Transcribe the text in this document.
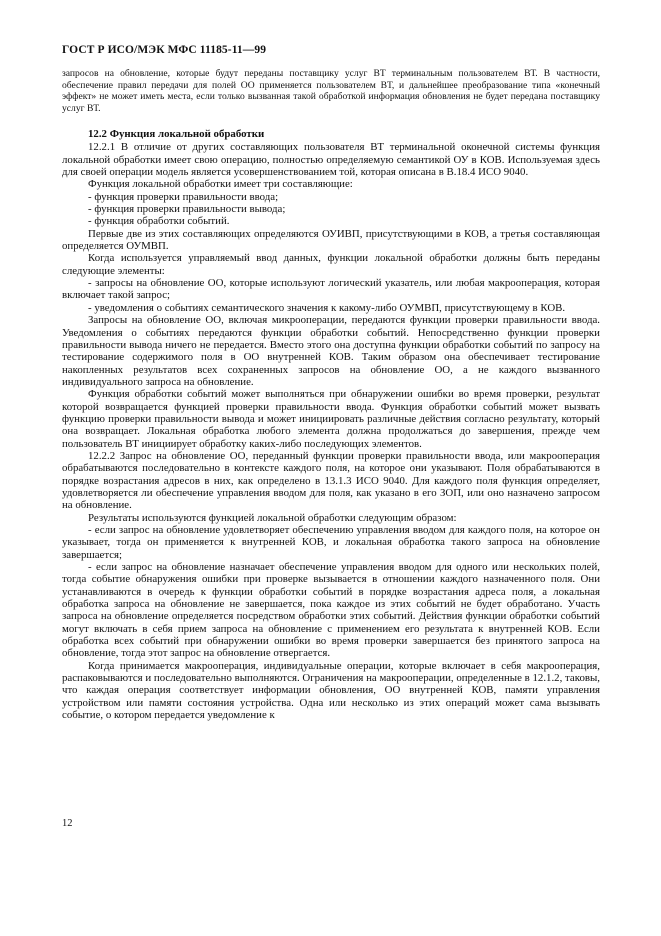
ГОСТ Р ИСО/МЭК МФС 11185-11—99
запросов на обновление, которые будут переданы поставщику услуг ВТ терминальным пользователем ВТ. В частности, обеспечение правил передачи для полей ОО применяется пользователем ВТ, и дальнейшее преобразование типа «конечный эффект» не может иметь места, если только вызванная такой обработкой информация обновления не будет передана поставщику услуг ВТ.

12.2 Функция локальной обработки

12.2.1 В отличие от других составляющих пользователя ВТ терминальной оконечной системы функция локальной обработки имеет свою операцию, полностью определяемую семантикой ОУ в КОВ. Используемая здесь для своей операции модель является усовершенствованием той, которая описана в В.18.4 ИСО 9040.

Функция локальной обработки имеет три составляющие:

- функция проверки правильности ввода;

- функция проверки правильности вывода;

- функция обработки событий.

Первые две из этих составляющих определяются ОУИВП, присутствующими в КОВ, а третья составляющая определяется ОУМВП.

Когда используется управляемый ввод данных, функции локальной обработки должны быть переданы следующие элементы:

- запросы на обновление ОО, которые используют логический указатель, или любая макрооперация, которая включает такой запрос;

- уведомления о событиях семантического значения к какому-либо ОУМВП, присутствующему в КОВ.

Запросы на обновление ОО, включая микрооперации, передаются функции проверки правильности ввода. Уведомления о событиях передаются функции обработки событий. Непосредственно функции проверки правильности вывода ничего не передается. Вместо этого она доступна функции обработки событий по запросу на тестирование содержимого поля в ОО внутренней КОВ. Таким образом она обеспечивает тестирование накопленных результатов всех сохраненных запросов на обновление ОО, а не каждого вызванного индивидуального запроса на обновление.

Функция обработки событий может выполняться при обнаружении ошибки во время проверки, результат которой возвращается функцией проверки правильности ввода. Функция обработки событий может вызвать функцию проверки правильности вывода и может инициировать различные действия согласно результату, который она возвращает. Локальная обработка любого элемента должна продолжаться до завершения, прежде чем пользователь ВТ инициирует обработку каких-либо последующих элементов.

12.2.2 Запрос на обновление ОО, переданный функции проверки правильности ввода, или макрооперация обрабатываются последовательно в контексте каждого поля, на которое они указывают. Поля обрабатываются в порядке возрастания адресов в них, как определено в 13.1.3 ИСО 9040. Для каждого поля функция определяет, удовлетворяется ли обеспечение управления вводом для поля, как указано в его ЗОП, или оно назначено запросом на обновление.

Результаты используются функцией локальной обработки следующим образом:

- если запрос на обновление удовлетворяет обеспечению управления вводом для каждого поля, на которое он указывает, тогда он применяется к внутренней КОВ, и локальная обработка такого запроса на обновление завершается;

- если запрос на обновление назначает обеспечение управления вводом для одного или нескольких полей, тогда событие обнаружения ошибки при проверке вызывается в отношении каждого назначенного поля. Они устанавливаются в очередь к функции обработки событий в порядке возрастания адреса поля, а локальная обработка запроса на обновление не завершается, пока каждое из этих событий не будет обработано. Участь запроса на обновление определяется посредством обработки этих событий. Действия функции обработки событий могут включать в себя прием запроса на обновление с применением его результата к внутренней КОВ. Если обработка всех событий при обнаружении ошибки во время проверки завершается без принятого запроса на обновление, тогда этот запрос на обновление отвергается.

Когда принимается макрооперация, индивидуальные операции, которые включает в себя макрооперация, распаковываются и последовательно выполняются. Ограничения на макрооперации, определенные в 12.1.2, таковы, что каждая операция соответствует информации обновления, ОО внутренней КОВ, памяти управления устройством или памяти состояния устройства. Одна или несколько из этих операций может сама вызывать событие, о котором передается уведомление к

12
